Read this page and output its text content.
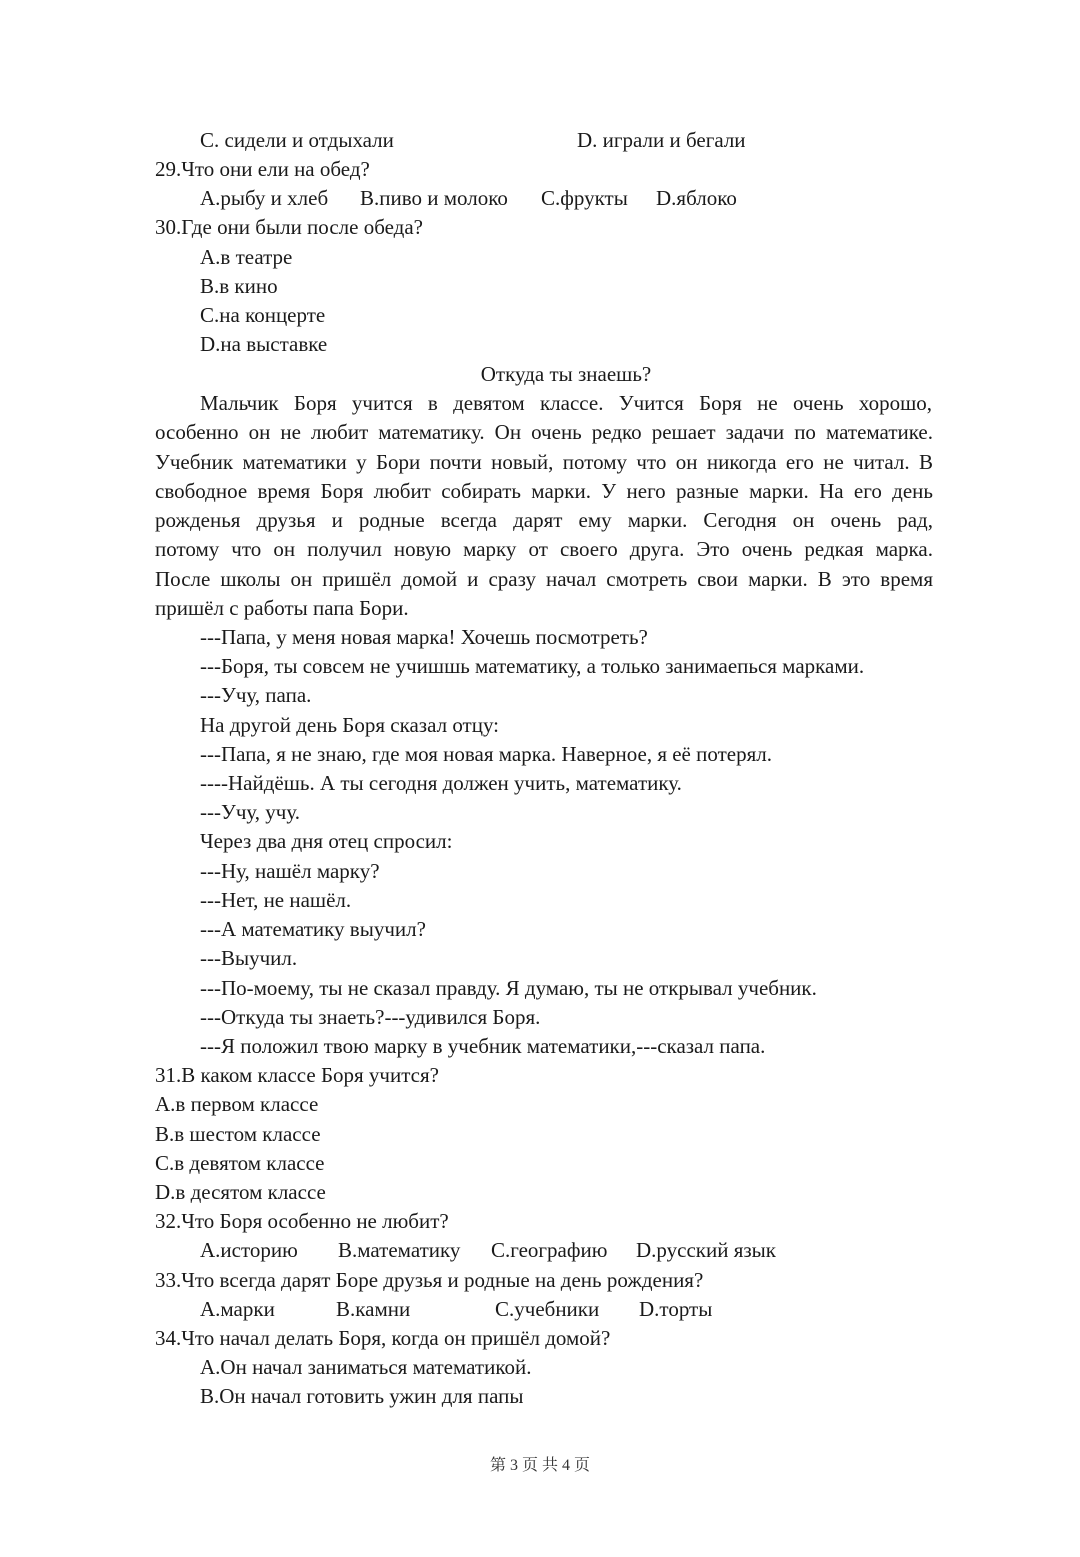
C. сидели и отдыхали	D. играли и бегали
29.Что они ели на обед?
A.рыбу и хлеб B.пиво и молоко C.фрукты D.яблоко
30.Где они были после обеда?
A.в театре
B.в кино
C.на концерте
D.на выставке
Откуда ты знаешь?
Мальчик Боря учится в девятом классе. Учится Боря не очень хорошо,
особенно он не любит математику. Он очень редко решает задачи по математике.
Учебник математики у Бори почти новый, потому что он никогда его не читал. В
свободное время Боря любит собирать марки. У него разные марки. На его день
рожденья друзья и родные всегда дарят ему марки. Сегодня он очень рад,
потому что он получил новую марку от своего друга. Это очень редкая марка.
После школы он пришёл домой и сразу начал смотреть свои марки. В это время
пришёл с работы папа Бори.
---Папа, у меня новая марка! Хочешь посмотреть?
---Боря, ты совсем не учишшь математику, а только занимаепься марками.
---Учу, папа.
На другой день Боря сказал отцу:
---Папа, я не знаю, где моя новая марка. Наверное, я её потерял.
----Найдёшь. А ты сегодня должен учить, математику.
---Учу, учу.
Через два дня отец спросил:
---Ну, нашёл марку?
---Нет, не нашёл.
---А математику выучил?
---Выучил.
---По-моему, ты не сказал правду. Я думаю, ты не открывал учебник.
---Откуда ты знаеть?---удивился Боря.
---Я положил твою марку в учебник математики,---сказал папа.
31.В каком классе Боря учится?
A.в первом классе
B.в шестом классе
C.в девятом классе
D.в десятом классе
32.Что Боря особенно не любит?
A.историю B.математику C.географию D.русский язык
33.Что всегда дарят Боре друзья и родные на день рождения?
A.марки	B.камни	C.учебники D.торты
34.Что начал делать Боря, когда он пришёл домой?
A.Он начал заниматься математикой.
B.Он начал готовить ужин для папы
第 3 页 共 4 页
